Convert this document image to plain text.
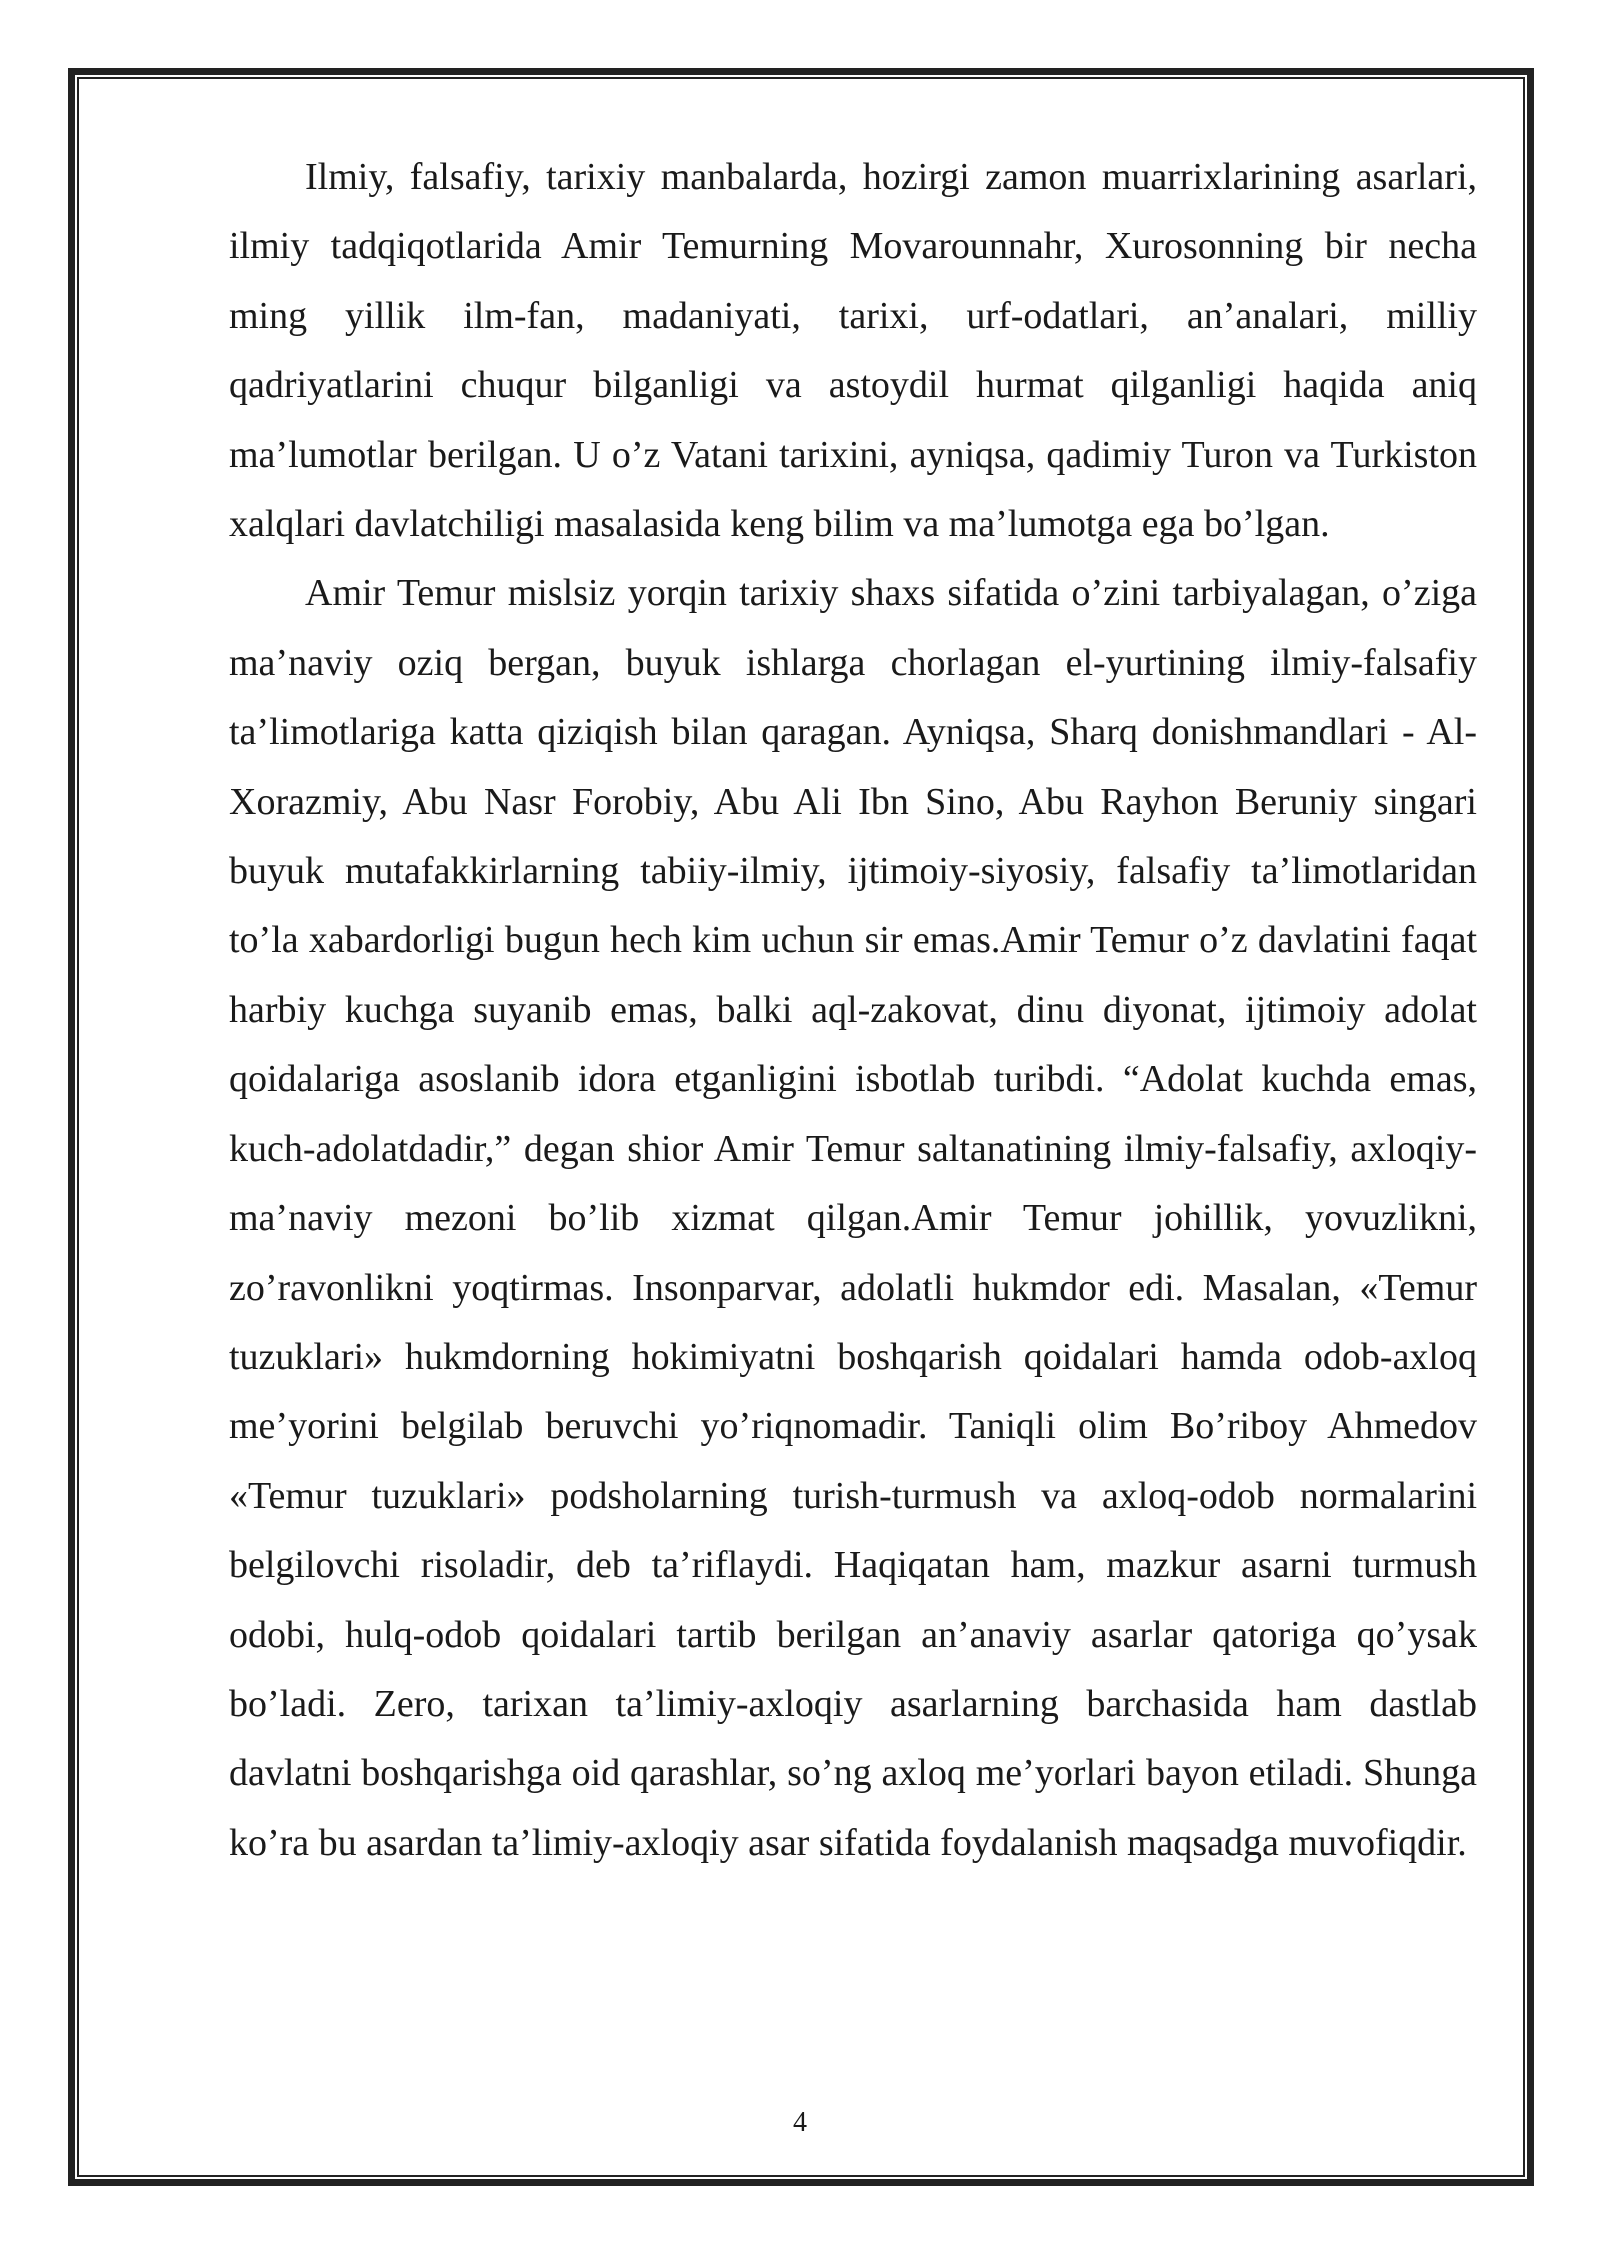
Ilmiy, falsafiy, tarixiy manbalarda, hozirgi zamon muarrixlarining asarlari, ilmiy tadqiqotlarida Amir Temurning Movarounnahr, Xurosonning bir necha ming yillik ilm-fan, madaniyati, tarixi, urf-odatlari, an’analari, milliy qadriyatlarini chuqur bilganligi va astoydil hurmat qilganligi haqida aniq ma’lumotlar berilgan. U o’z Vatani tarixini, ayniqsa, qadimiy Turon va Turkiston xalqlari davlatchiligi masalasida keng bilim va ma’lumotga ega bo’lgan.

Amir Temur mislsiz yorqin tarixiy shaxs sifatida o’zini tarbiyalagan, o’ziga ma’naviy oziq bergan, buyuk ishlarga chorlagan el-yurtining ilmiy-falsafiy ta’limotlariga katta qiziqish bilan qaragan. Ayniqsa, Sharq donishmandlari - Al-Xorazmiy, Abu Nasr Forobiy, Abu Ali Ibn Sino, Abu Rayhon Beruniy singari buyuk mutafakkirlarning tabiiy-ilmiy, ijtimoiy-siyosiy, falsafiy ta’limotlaridan to’la xabardorligi bugun hech kim uchun sir emas.Amir Temur o’z davlatini faqat harbiy kuchga suyanib emas, balki aql-zakovat, dinu diyonat, ijtimoiy adolat qoidalariga asoslanib idora etganligini isbotlab turibdi. “Adolat kuchda emas, kuch-adolatdadir,” degan shior Amir Temur saltanatining ilmiy-falsafiy, axloqiy-ma’naviy mezoni bo’lib xizmat qilgan.Amir Temur johillik, yovuzlikni, zo’ravonlikni yoqtirmas. Insonparvar, adolatli hukmdor edi. Masalan, «Temur tuzuklari» hukmdorning hokimiyatni boshqarish qoidalari hamda odob-axloq me’yorini belgilab beruvchi yo’riqnomadir. Taniqli olim Bo’riboy Ahmedov «Temur tuzuklari» podsholarning turish-turmush va axloq-odob normalarini belgilovchi risoladir, deb ta’riflaydi. Haqiqatan ham, mazkur asarni turmush odobi, hulq-odob qoidalari tartib berilgan an’anaviy asarlar qatoriga qo’ysak bo’ladi. Zero, tarixan ta’limiy-axloqiy asarlarning barchasida ham dastlab davlatni boshqarishga oid qarashlar, so’ng axloq me’yorlari bayon etiladi. Shunga ko’ra bu asardan ta’limiy-axloqiy asar sifatida foydalanish maqsadga muvofiqdir.

4
